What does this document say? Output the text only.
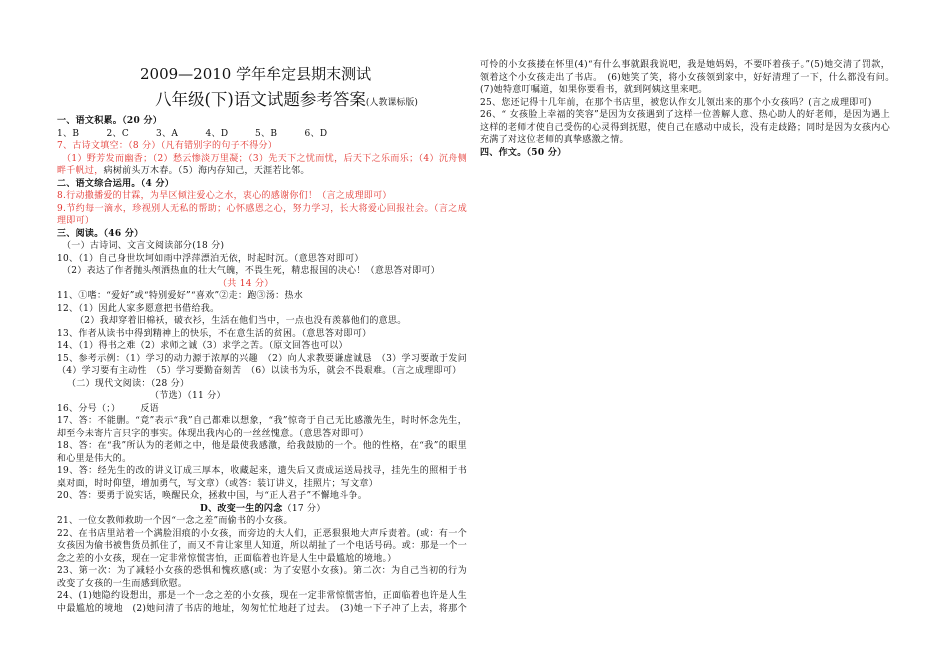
2009—2010 学年牟定县期末测试

八年级(下)语文试题参考答案(人教课标版)

一、语文积累。（20 分）

1、B	2、C	3、A	4、D	5、B	6、D

7、古诗文填空：（8 分）（凡有错别字的句子不得分）

（1）野芳发而幽香；（2）愁云惨淡万里凝；（3）先天下之忧而忧，后天下之乐而乐；（4）沉舟侧畔千帆过，病树前头万木春。（5）海内存知己，天涯若比邻。

二、语文综合运用。（4 分）

8.行动撒播爱的甘霖，为旱区倾注爱心之水，衷心的感谢你们！（言之成理即可）

9.节约每一滴水，珍视别人无私的帮助；心怀感恩之心，努力学习，长大将爱心回报社会。（言之成理即可）

三、阅读。（46 分）

（一）古诗词、文言文阅读部分(18 分)

10、（1）自己身世坎坷如雨中浮萍漂泊无依，时起时沉。（意思答对即可）

（2）表达了作者抛头颅洒热血的壮大气魄，不畏生死，精忠报国的决心！（意思答对即可）

（共 14 分）

11、①嗜：“爱好”或“特别爱好”“喜欢”②走：跑③汤：热水

12、（1）因此人家多愿意把书借给我。

（2）我却穿着旧棉袄，破衣衫，生活在他们当中，一点也没有羡慕他们的意思。

13、作者从读书中得到精神上的快乐，不在意生活的贫困。（意思答对即可）

14、（1）得书之难（2）求师之诚（3）求学之苦。（原文回答也可以）

15、参考示例：（1）学习的动力源于浓厚的兴趣　（2）向人求教要谦虚诚恳　（3）学习要敢于发问　（4）学习要有主动性　（5）学习要勤奋刻苦　（6）以读书为乐，就会不畏艰难。（言之成理即可）

（二）现代文阅读：（28 分）

（节选）（11 分）

16、分号（；） 反语

17、答：不能删。“竟”表示“我”自己都难以想象，“我”惊奇于自己无比感激先生，时时怀念先生，却至今未寄片言只字的事实。体现出我内心的一丝丝愧意。（意思答对即可）

18、答：在“我”所认为的老师之中，他是最使我感激，给我鼓励的一个。他的性格，在“我”的眼里和心里是伟大的。

19、答：经先生的改的讲义订成三厚本，收藏起来，遗失后又责成运送局找寻，挂先生的照相于书桌对面，时时仰望，增加勇气，写文章）（或答：装订讲义，挂照片；写文章）

20、答：要勇于说实话，唤醒民众，拯救中国，与“正人君子”不懈地斗争。

D、改变一生的闪念（17 分）

21、一位女教师救助一个因“一念之差”而偷书的小女孩。

22、在书店里站着一个满脸泪痕的小女孩，而旁边的大人们，正恶狠狠地大声斥责着。(或：有一个女孩因为偷书被售货员抓住了，而又不肯让家里人知道，所以胡扯了一个电话号码。或：那是一个一念之差的小女孩，现在一定非常惊慌害怕，正面临着也许是人生中最尴尬的境地。）

23、第一次：为了减轻小女孩的恐惧和愧疚感(或：为了安慰小女孩)。第二次：为自己当初的行为改变了女孩的一生而感到欣慰。

24、(1)她隐约设想出，那是一个一念之差的小女孩，现在一定非常惊慌害怕，正面临着也许是人生中最尴尬的境地　(2)她问清了书店的地址，匆匆忙忙地赶了过去。　(3)她一下子冲了上去，将那个可怜的小女孩搂在怀里(4)“有什么事就跟我说吧，我是她妈妈，不要吓着孩子。”(5)她交清了罚款，领着这个小女孩走出了书店。　(6)她笑了笑，将小女孩领到家中，好好清理了一下，什么都没有问。　(7)她特意叮嘱道，如果你要看书，就到阿姨这里来吧。

25、您还记得十几年前，在那个书店里，被您认作女儿领出来的那个小女孩吗？(言之成理即可)

26、“ 女孩脸上幸福的笑容”是因为女孩遇到了这样一位善解人意、热心助人的好老师，是因为遇上这样的老师才使自己受伤的心灵得到抚慰，使自己在感动中成长，没有走歧路；同时是因为女孩内心充满了对这位老师的真挚感激之情。

四、作文。（50 分）
